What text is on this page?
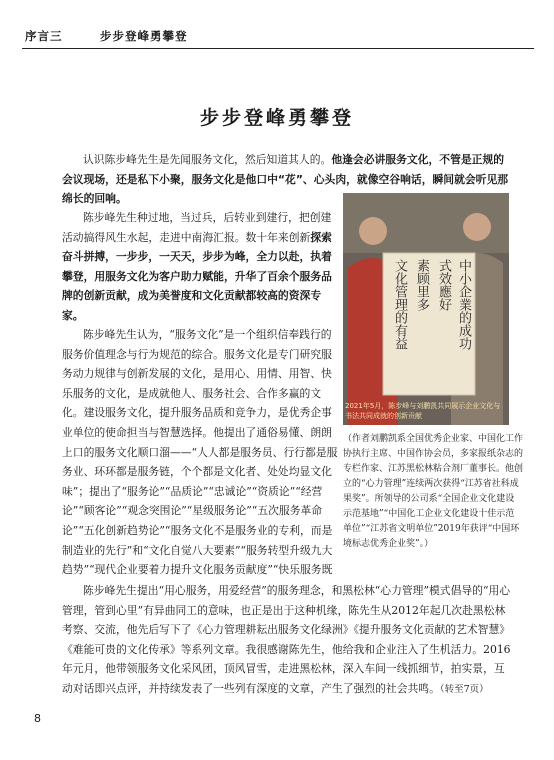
序言三	步步登峰勇攀登
步步登峰勇攀登

认识陈步峰先生是先闻服务文化，然后知道其人的。他逢会必讲服务文化，不管是正规的会议现场，还是私下小聚，服务文化是他口中“花”、心头肉，就像空谷响话，瞬间就会听见那绵长的回响。

陈步峰先生种过地，当过兵，后转业到建行，把创建活动搞得风生水起，走进中南海汇报。数十年来创新探索奋斗拼搏，一步步，一天天，步步为峰，全力以赴，执着攀登，用服务文化为客户助力赋能，升华了百余个服务品牌的创新贡献，成为美誉度和文化贡献都较高的资深专家。

陈步峰先生认为，“服务文化”是一个组织信奉践行的服务价值理念与行为规范的综合。服务文化是专门研究服务动力规律与创新发展的文化，是用心、用情、用智、快乐服务的文化，是成就他人、服务社会、合作多赢的文化。建设服务文化，提升服务品质和竞争力，是优秀企事业单位的使命担当与智慧选择。他提出了通俗易懂、朗朗上口的服务文化顺口溜——“人人都是服务员、行行都是服务业、环环都是服务链，个个都是文化者、处处均显文化味”；提出了“服务论”“品质论”“忠诚论”“资质论”“经营论”“顾客论”“观念突围论”“星级服务论”“五次服务革命论”“五化创新趋势论”“服务文化不是服务业的专利，而是制造业的先行”和“文化自觉八大要素”“服务转型升级九大趋势”“现代企业要着力提升文化服务贡献度”“快乐服务既

中小企業的成功
式效應好
素顾里多
文化管理的有益
2021年5月，陈步峰与刘鹏凯共同展示企业文化与书法共同成就的创新贡献
（作者刘鹏凯系全国优秀企业家、中国化工作协执行主席、中国作协会员，多家报纸杂志的专栏作家、江苏黑松林粘合剂厂董事长。他创立的“心力管理”连续两次获得“江苏省社科成果奖”。所领导的公司系“全国企业文化建设示范基地”“中国化工企业文化建设十佳示范单位”“江苏省文明单位”2019年获评“中国环境标志优秀企业奖”。）

陈步峰先生提出“用心服务，用爱经营”的服务理念，和黑松林“心力管理”模式倡导的“用心管理，管到心里”有异曲同工的意味，也正是出于这种机缘，陈先生从2012年起几次赴黑松林考察、交流，他先后写下了《心力管理耕耘出服务文化绿洲》《提升服务文化贡献的艺术智慧》《难能可贵的文化传承》等系列文章。我很感谢陈先生，他给我和企业注入了生机活力。2016年元月，他带领服务文化采风团，顶风冒雪，走进黑松林，深入车间一线抓细节，拍实景，互动对话即兴点评，并持续发表了一些列有深度的文章，产生了强烈的社会共鸣。（转至7页）

8
